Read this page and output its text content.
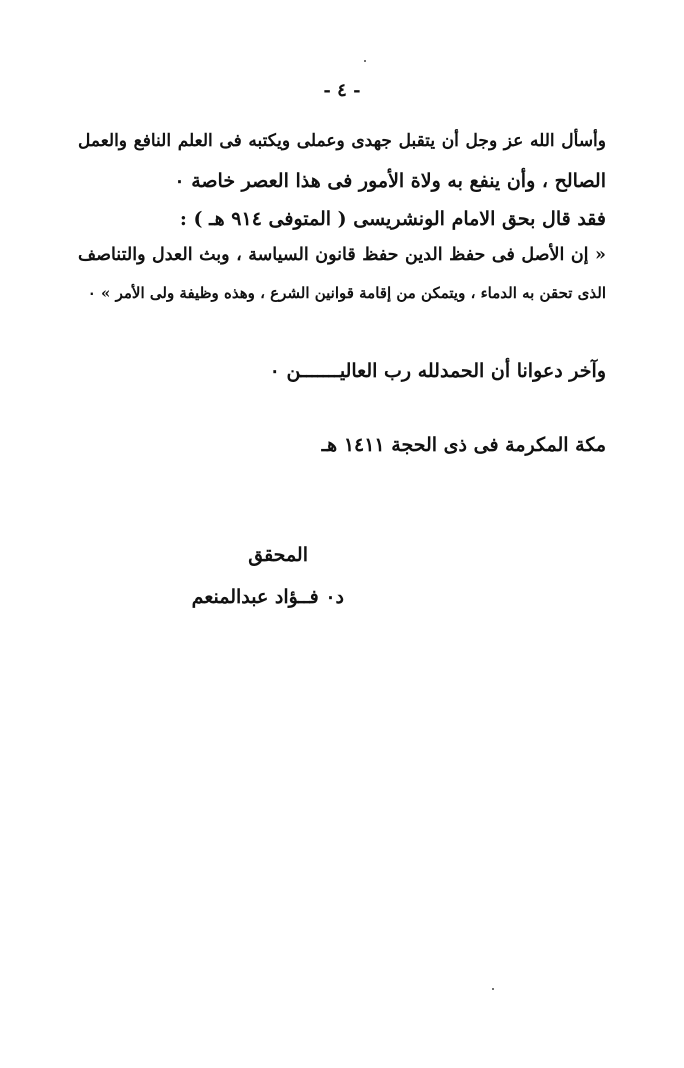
- ٤ -
وأسأل الله عز وجل أن يتقبل جهدى وعملى ويكتبه فى العلم النافع والعمل
الصالح ، وأن ينفع به ولاة الأمور فى هذا العصر خاصة ٠
فقد قال بحق الامام الونشريسى ( المتوفى ٩١٤ هـ ) :
« إن الأصل فى حفظ الدين حفظ قانون السياسة ، وبث العدل والتناصف
الذى تحقن به الدماء ، ويتمكن من إقامة قوانين الشرع ، وهذه وظيفة ولى الأمر » ٠
وآخر دعوانا أن الحمدلله رب العاليـــــــن ٠
مكة المكرمة فى ذى الحجة ١٤١١ هـ
المحقق
د٠ فــؤاد عبدالمنعم
